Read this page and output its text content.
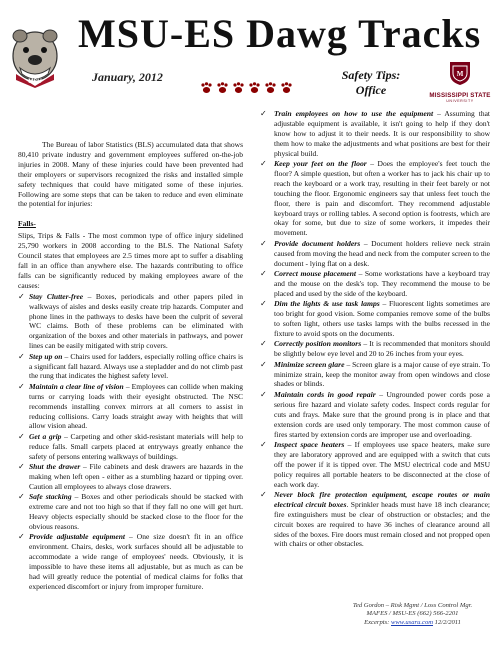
MSU
MSU-ES Dawg Tracks
January, 2012	Safety Tips:
Office
M
MISSISSIPPI STATE
UNIVERSITY

The Bureau of labor Statistics (BLS) accumulated data that shows 80,410 private industry and government employees suffered on-the-job injuries in 2008. Many of these injuries could have been prevented had their employers or supervisors recognized the risks and installed simple safety techniques that could have mitigated some of these injuries. Following are some steps that can be taken to reduce and even eliminate the potential for injuries:

Falls-

Slips, Trips & Falls - The most common type of office injury sidelined 25,790 workers in 2008 according to the BLS. The National Safety Council states that employees are 2.5 times more apt to suffer a disabling fall in an office than anywhere else. The hazards contributing to office falls can be significantly reduced by making employees aware of the causes:

✓ Stay Clutter-free – Boxes, periodicals and other papers piled in walkways of aisles and desks easily create trip hazards. Computer and phone lines in the pathways to desks have been the culprit of several WC claims. Both of these problems can be eliminated with organization of the boxes and other materials in pathways, and power lines can be easily mitigated with strip covers.
✓ Step up on – Chairs used for ladders, especially rolling office chairs is a significant fall hazard. Always use a stepladder and do not climb past the rung that indicates the highest safety level.
✓ Maintain a clear line of vision – Employees can collide when making turns or carrying loads with their eyesight obstructed. The NSC recommends installing convex mirrors at all corners to assist in reducing collisions. Carry loads straight away with heights that will allow vision ahead.
✓ Get a grip – Carpeting and other skid-resistant materials will help to reduce falls. Small carpets placed at entryways greatly enhance the safety of persons entering walkways of buildings.
✓ Shut the drawer – File cabinets and desk drawers are hazards in the making when left open - either as a stumbling hazard or tipping over. Caution all employees to always close drawers.
✓ Safe stacking – Boxes and other periodicals should be stacked with extreme care and not too high so that if they fall no one will get hurt. Heavy objects especially should be stacked close to the floor for the obvious reasons.
✓ Provide adjustable equipment – One size doesn't fit in an office environment. Chairs, desks, work surfaces should all be adjustable to accommodate a wide range of employees' needs. Obviously, it is impossible to have these items all adjustable, but as much as can be had will greatly reduce the potential of medical claims for folks that experienced discomfort or injury from improper furniture.
✓ Train employees on how to use the equipment – Assuming that adjustable equipment is available, it isn't going to help if they don't know how to adjust it to their needs. It is our responsibility to show them how to make the adjustments and what positions are best for their physical build.
✓ Keep your feet on the floor – Does the employee's feet touch the floor? A simple question, but often a worker has to jack his chair up to reach the keyboard or a work tray, resulting in their feet barely or not touching the floor. Ergonomic engineers say that unless feet touch the floor, there is pain and discomfort. They recommend adjustable keyboard trays or rolling tables. A second option is footrests, which are okay for some, but due to size of some workers, it impedes their movement.
✓ Provide document holders – Document holders relieve neck strain caused from moving the head and neck from the computer screen to the document - lying flat on a desk.
✓ Correct mouse placement – Some workstations have a keyboard tray and the mouse on the desk's top. They recommend the mouse to be placed and used by the side of the keyboard.
✓ Dim the lights & use task lamps – Fluorescent lights sometimes are too bright for good vision. Some companies remove some of the bulbs to soften light, others use tasks lamps with the bulbs recessed in the fixture to avoid spots on the documents.
✓ Correctly position monitors – It is recommended that monitors should be slightly below eye level and 20 to 26 inches from your eyes.
✓ Minimize screen glare – Screen glare is a major cause of eye strain. To minimize strain, keep the monitor away from open windows and close shades or blinds.
✓ Maintain cords in good repair – Ungrounded power cords pose a serious fire hazard and violate safety codes. Inspect cords regular for cuts and frays. Make sure that the ground prong is in place and that extension cords are used only temporary. The most common cause of fires started by extension cords are improper use and overloading.
✓ Inspect space heaters – If employees use space heaters, make sure they are laboratory approved and are equipped with a switch that cuts off the power if it is tipped over. The MSU electrical code and MSU policy requires all portable heaters to be disconnected at the close of each work day.
✓ Never block fire protection equipment, escape routes or main electrical circuit boxes. Sprinkler heads must have 18 inch clearance; fire extinguishers must be clear of obstruction or obstacles; and the circuit boxes are required to have 36 inches of clearance around all sides of the boxes. Fire doors must remain closed and not propped open with chairs or other obstacles.
Ted Gordon – Risk Mgmt / Loss Control Mgr.
MAFES / MSU-ES (662) 566-2201
Excerpts: www.usaru.com 12/2/2011
